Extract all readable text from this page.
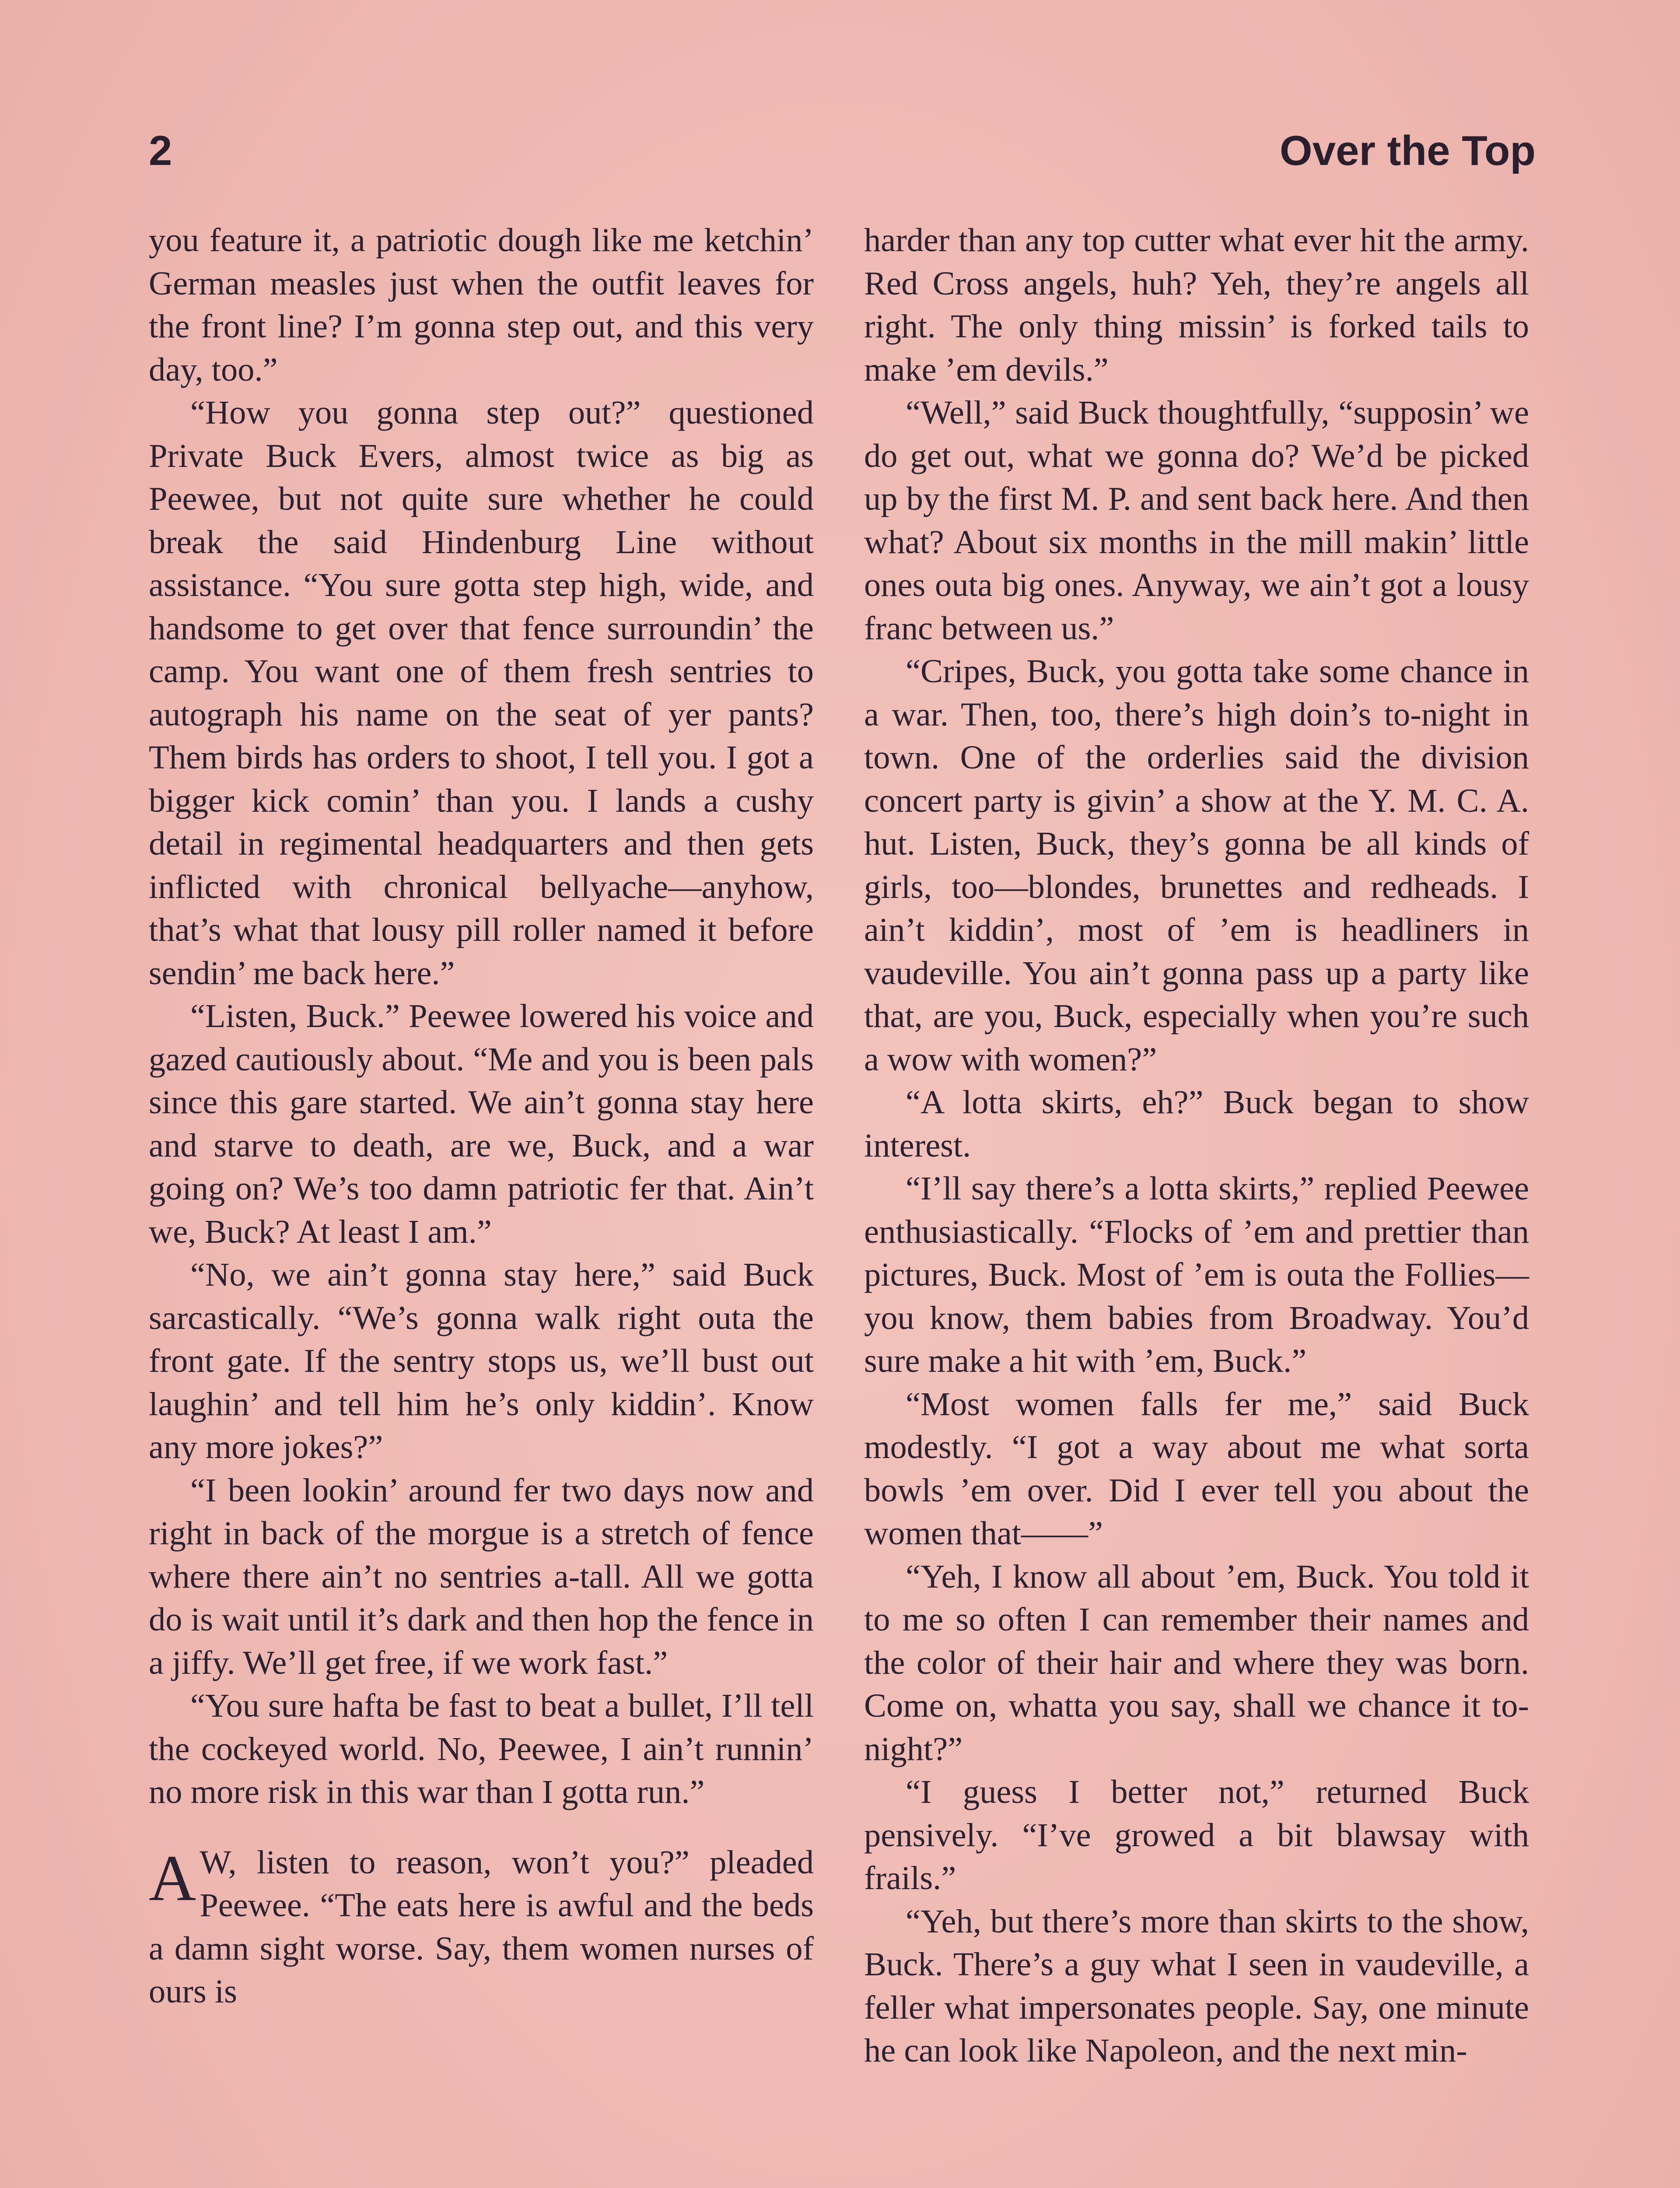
2	Over the Top

you feature it, a patriotic dough like me ketchin’ German measles just when the outfit leaves for the front line? I’m gonna step out, and this very day, too.”

“How you gonna step out?” questioned Private Buck Evers, almost twice as big as Peewee, but not quite sure whether he could break the said Hindenburg Line without assistance. “You sure gotta step high, wide, and handsome to get over that fence surroundin’ the camp. You want one of them fresh sentries to autograph his name on the seat of yer pants? Them birds has orders to shoot, I tell you. I got a bigger kick comin’ than you. I lands a cushy detail in regimental headquarters and then gets inflicted with chronical bellyache—anyhow, that’s what that lousy pill roller named it before sendin’ me back here.”

“Listen, Buck.” Peewee lowered his voice and gazed cautiously about. “Me and you is been pals since this gare started. We ain’t gonna stay here and starve to death, are we, Buck, and a war going on? We’s too damn patriotic fer that. Ain’t we, Buck? At least I am.”

“No, we ain’t gonna stay here,” said Buck sarcastically. “We’s gonna walk right outa the front gate. If the sentry stops us, we’ll bust out laughin’ and tell him he’s only kiddin’. Know any more jokes?”

“I been lookin’ around fer two days now and right in back of the morgue is a stretch of fence where there ain’t no sentries a-tall. All we gotta do is wait until it’s dark and then hop the fence in a jiffy. We’ll get free, if we work fast.”

“You sure hafta be fast to beat a bullet, I’ll tell the cockeyed world. No, Peewee, I ain’t runnin’ no more risk in this war than I gotta run.”

A W, listen to reason, won’t you?” pleaded Peewee. “The eats here is awful and the beds a damn sight worse. Say, them women nurses of ours is

harder than any top cutter what ever hit the army. Red Cross angels, huh? Yeh, they’re angels all right. The only thing missin’ is forked tails to make ’em devils.”

“Well,” said Buck thoughtfully, “supposin’ we do get out, what we gonna do? We’d be picked up by the first M. P. and sent back here. And then what? About six months in the mill makin’ little ones outa big ones. Anyway, we ain’t got a lousy franc between us.”

“Cripes, Buck, you gotta take some chance in a war. Then, too, there’s high doin’s to-night in town. One of the orderlies said the division concert party is givin’ a show at the Y. M. C. A. hut. Listen, Buck, they’s gonna be all kinds of girls, too—blondes, brunettes and redheads. I ain’t kiddin’, most of ’em is headliners in vaudeville. You ain’t gonna pass up a party like that, are you, Buck, especially when you’re such a wow with women?”

“A lotta skirts, eh?” Buck began to show interest.

“I’ll say there’s a lotta skirts,” replied Peewee enthusiastically. “Flocks of ’em and prettier than pictures, Buck. Most of ’em is outa the Follies—you know, them babies from Broadway. You’d sure make a hit with ’em, Buck.”

“Most women falls fer me,” said Buck modestly. “I got a way about me what sorta bowls ’em over. Did I ever tell you about the women that——”

“Yeh, I know all about ’em, Buck. You told it to me so often I can remember their names and the color of their hair and where they was born. Come on, whatta you say, shall we chance it to-night?”

“I guess I better not,” returned Buck pensively. “I’ve growed a bit blawsay with frails.”

“Yeh, but there’s more than skirts to the show, Buck. There’s a guy what I seen in vaudeville, a feller what impersonates people. Say, one minute he can look like Napoleon, and the next min-
